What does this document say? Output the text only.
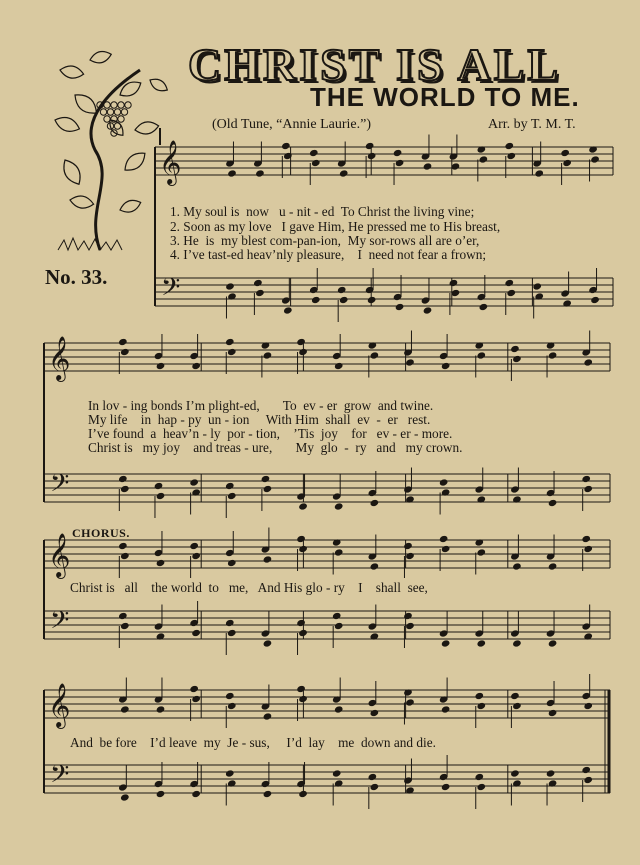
𝄞
𝄢
𝄞
𝄢
𝄞
𝄢
𝄞
𝄢
CHRIST IS ALL
THE WORLD TO ME.
(Old Tune, “Annie Laurie.”)	Arr. by T. M. T.
No. 33.
1. My soul is  now   u - nit - ed  To Christ the living vine;
2. Soon as my love   I gave Him, He pressed me to His breast,
3. He  is  my blest com-pan-ion,  My sor-rows all are o’er,
4. I’ve tast-ed heav’nly pleasure,    I  need not fear a frown;
In lov - ing bonds I’m plight-ed,       To  ev - er  grow  and twine.
My life    in  hap - py  un - ion     With Him  shall  ev  -  er   rest.
I’ve found  a  heav’n - ly  por - tion,    ’Tis  joy    for   ev - er - more.
Christ is   my joy    and treas - ure,       My  glo  -  ry   and   my crown.
CHORUS.
Christ is   all    the world  to   me,   And His glo - ry    I    shall  see,
And  be fore    I’d leave  my  Je - sus,     I’d  lay    me  down and die.
